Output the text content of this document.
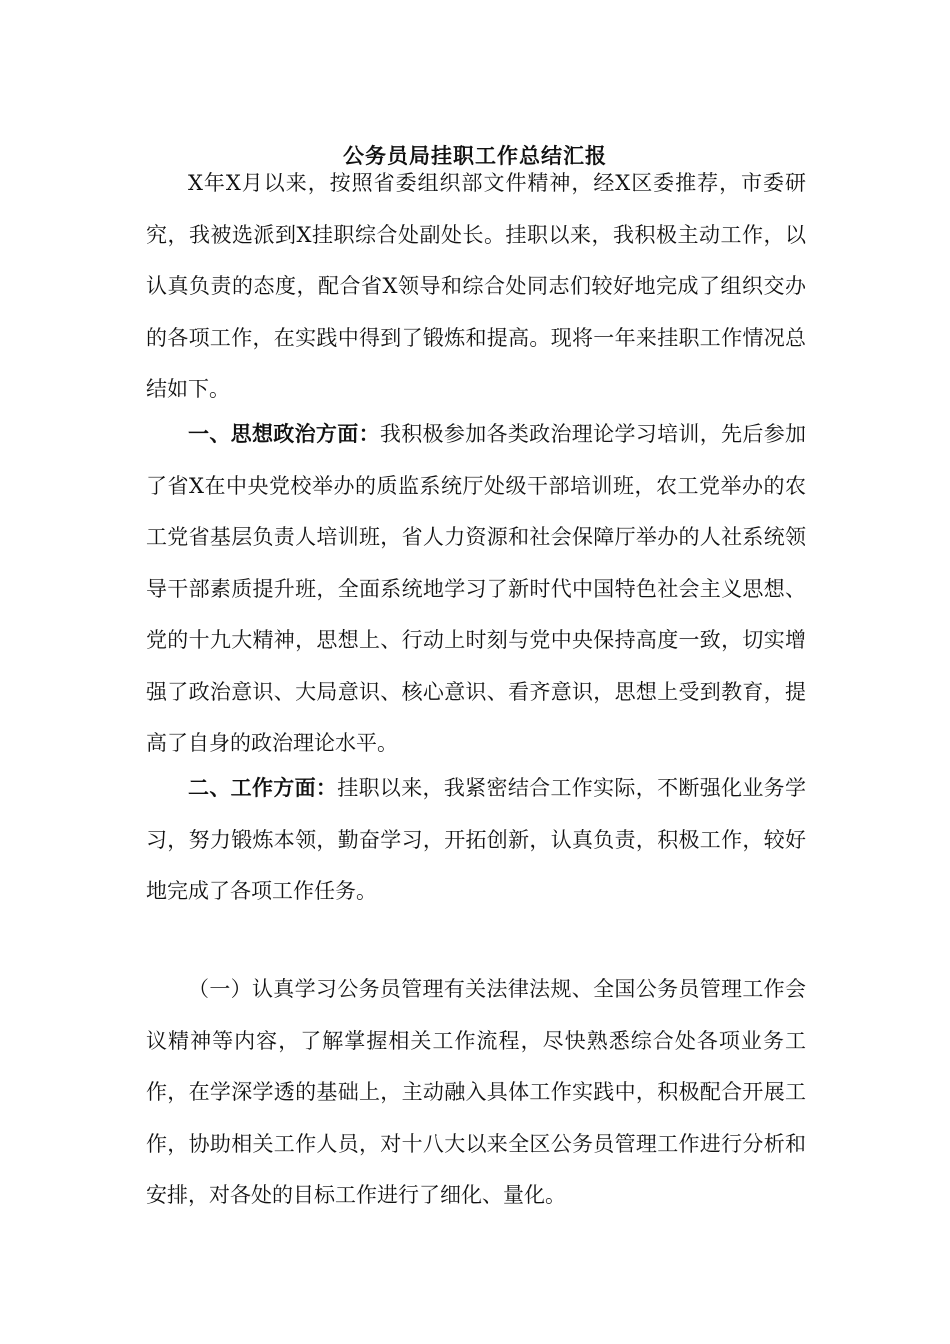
公务员局挂职工作总结汇报

X年X月以来，按照省委组织部文件精神，经X区委推荐，市委研究，我被选派到X挂职综合处副处长。挂职以来，我积极主动工作，以认真负责的态度，配合省X领导和综合处同志们较好地完成了组织交办的各项工作，在实践中得到了锻炼和提高。现将一年来挂职工作情况总结如下。

一、思想政治方面：我积极参加各类政治理论学习培训，先后参加了省X在中央党校举办的质监系统厅处级干部培训班，农工党举办的农工党省基层负责人培训班，省人力资源和社会保障厅举办的人社系统领导干部素质提升班，全面系统地学习了新时代中国特色社会主义思想、党的十九大精神，思想上、行动上时刻与党中央保持高度一致，切实增强了政治意识、大局意识、核心意识、看齐意识，思想上受到教育，提高了自身的政治理论水平。

二、工作方面：挂职以来，我紧密结合工作实际，不断强化业务学习，努力锻炼本领，勤奋学习，开拓创新，认真负责，积极工作，较好地完成了各项工作任务。

（一）认真学习公务员管理有关法律法规、全国公务员管理工作会议精神等内容，了解掌握相关工作流程，尽快熟悉综合处各项业务工作，在学深学透的基础上，主动融入具体工作实践中，积极配合开展工作，协助相关工作人员，对十八大以来全区公务员管理工作进行分析和安排，对各处的目标工作进行了细化、量化。
